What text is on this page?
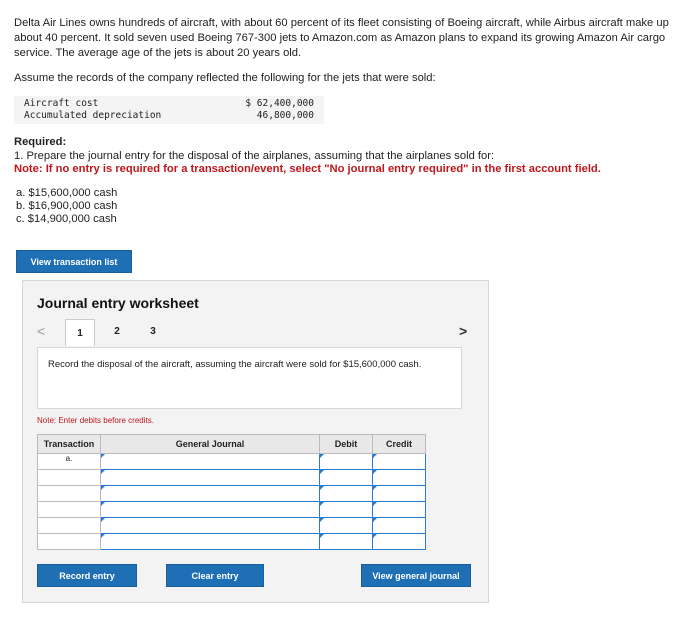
Delta Air Lines owns hundreds of aircraft, with about 60 percent of its fleet consisting of Boeing aircraft, while Airbus aircraft make up about 40 percent. It sold seven used Boeing 767-300 jets to Amazon.com as Amazon plans to expand its growing Amazon Air cargo service. The average age of the jets is about 20 years old.
Assume the records of the company reflected the following for the jets that were sold:
Aircraft cost	$ 62,400,000
Accumulated depreciation	46,800,000
Required:
1. Prepare the journal entry for the disposal of the airplanes, assuming that the airplanes sold for:
Note: If no entry is required for a transaction/event, select "No journal entry required" in the first account field.
a. $15,600,000 cash
b. $16,900,000 cash
c. $14,900,000 cash
View transaction list
Journal entry worksheet
<	1	2	3	>
Record the disposal of the aircraft, assuming the aircraft were sold for $15,600,000 cash.
Note: Enter debits before credits.
Transaction	General Journal	Debit	Credit
a.			

Record entry	Clear entry	View general journal
